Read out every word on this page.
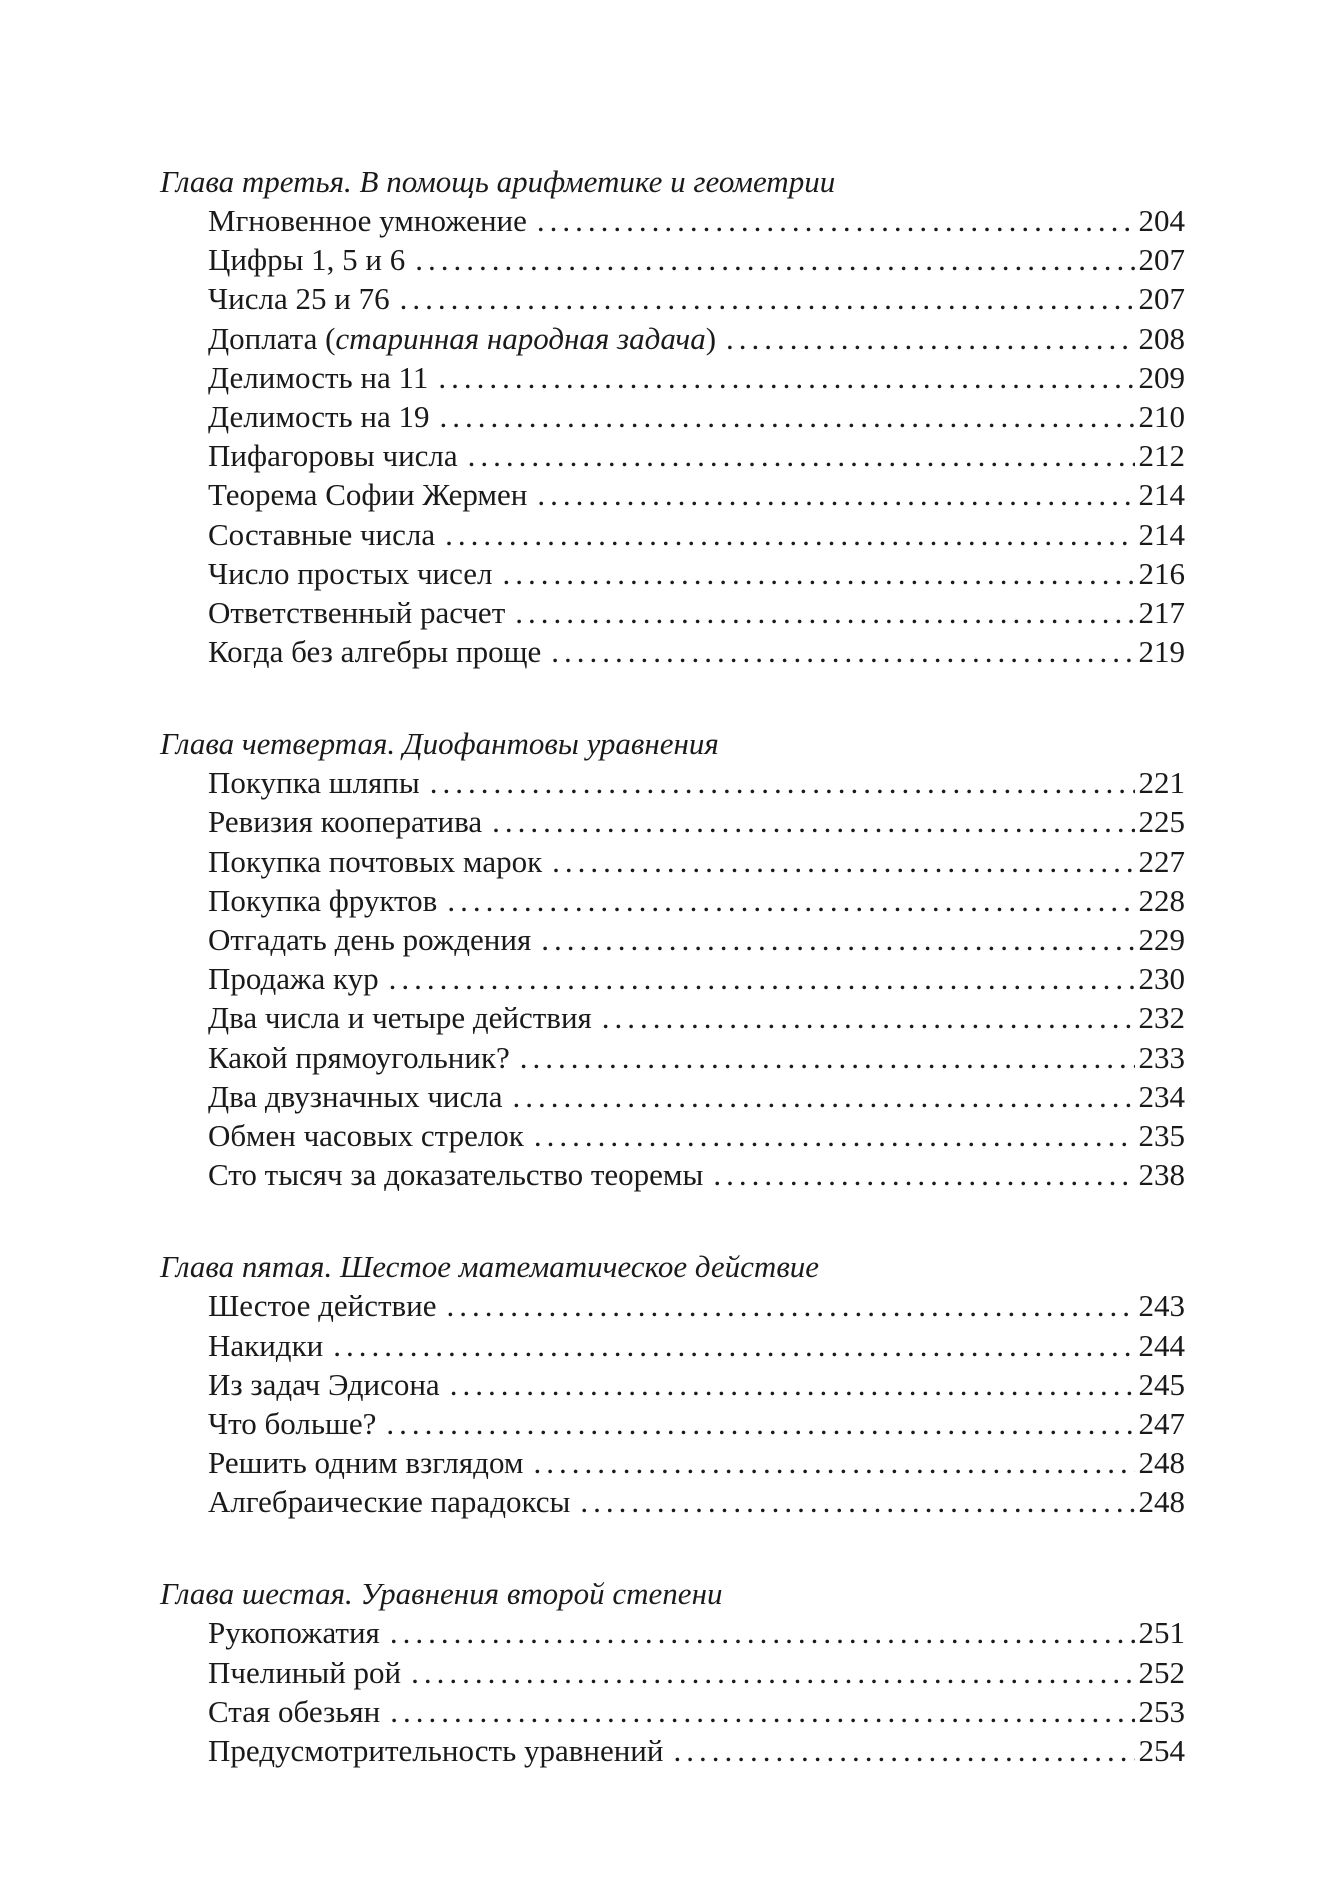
Глава третья. В помощь арифметике и геометрии
Мгновенное умножение .....	204
Цифры 1, 5 и 6 .....	207
Числа 25 и 76 .....	207
Доплата (старинная народная задача) .....	208
Делимость на 11 .....	209
Делимость на 19 .....	210
Пифагоровы числа .....	212
Теорема Софии Жермен .....	214
Составные числа .....	214
Число простых чисел .....	216
Ответственный расчет .....	217
Когда без алгебры проще .....	219
Глава четвертая. Диофантовы уравнения
Покупка шляпы .....	221
Ревизия кооператива .....	225
Покупка почтовых марок .....	227
Покупка фруктов .....	228
Отгадать день рождения .....	229
Продажа кур .....	230
Два числа и четыре действия .....	232
Какой прямоугольник? .....	233
Два двузначных числа .....	234
Обмен часовых стрелок .....	235
Сто тысяч за доказательство теоремы .....	238
Глава пятая. Шестое математическое действие
Шестое действие .....	243
Накидки .....	244
Из задач Эдисона .....	245
Что больше? .....	247
Решить одним взглядом .....	248
Алгебраические парадоксы .....	248
Глава шестая. Уравнения второй степени
Рукопожатия .....	251
Пчелиный рой .....	252
Стая обезьян .....	253
Предусмотрительность уравнений .....	254
